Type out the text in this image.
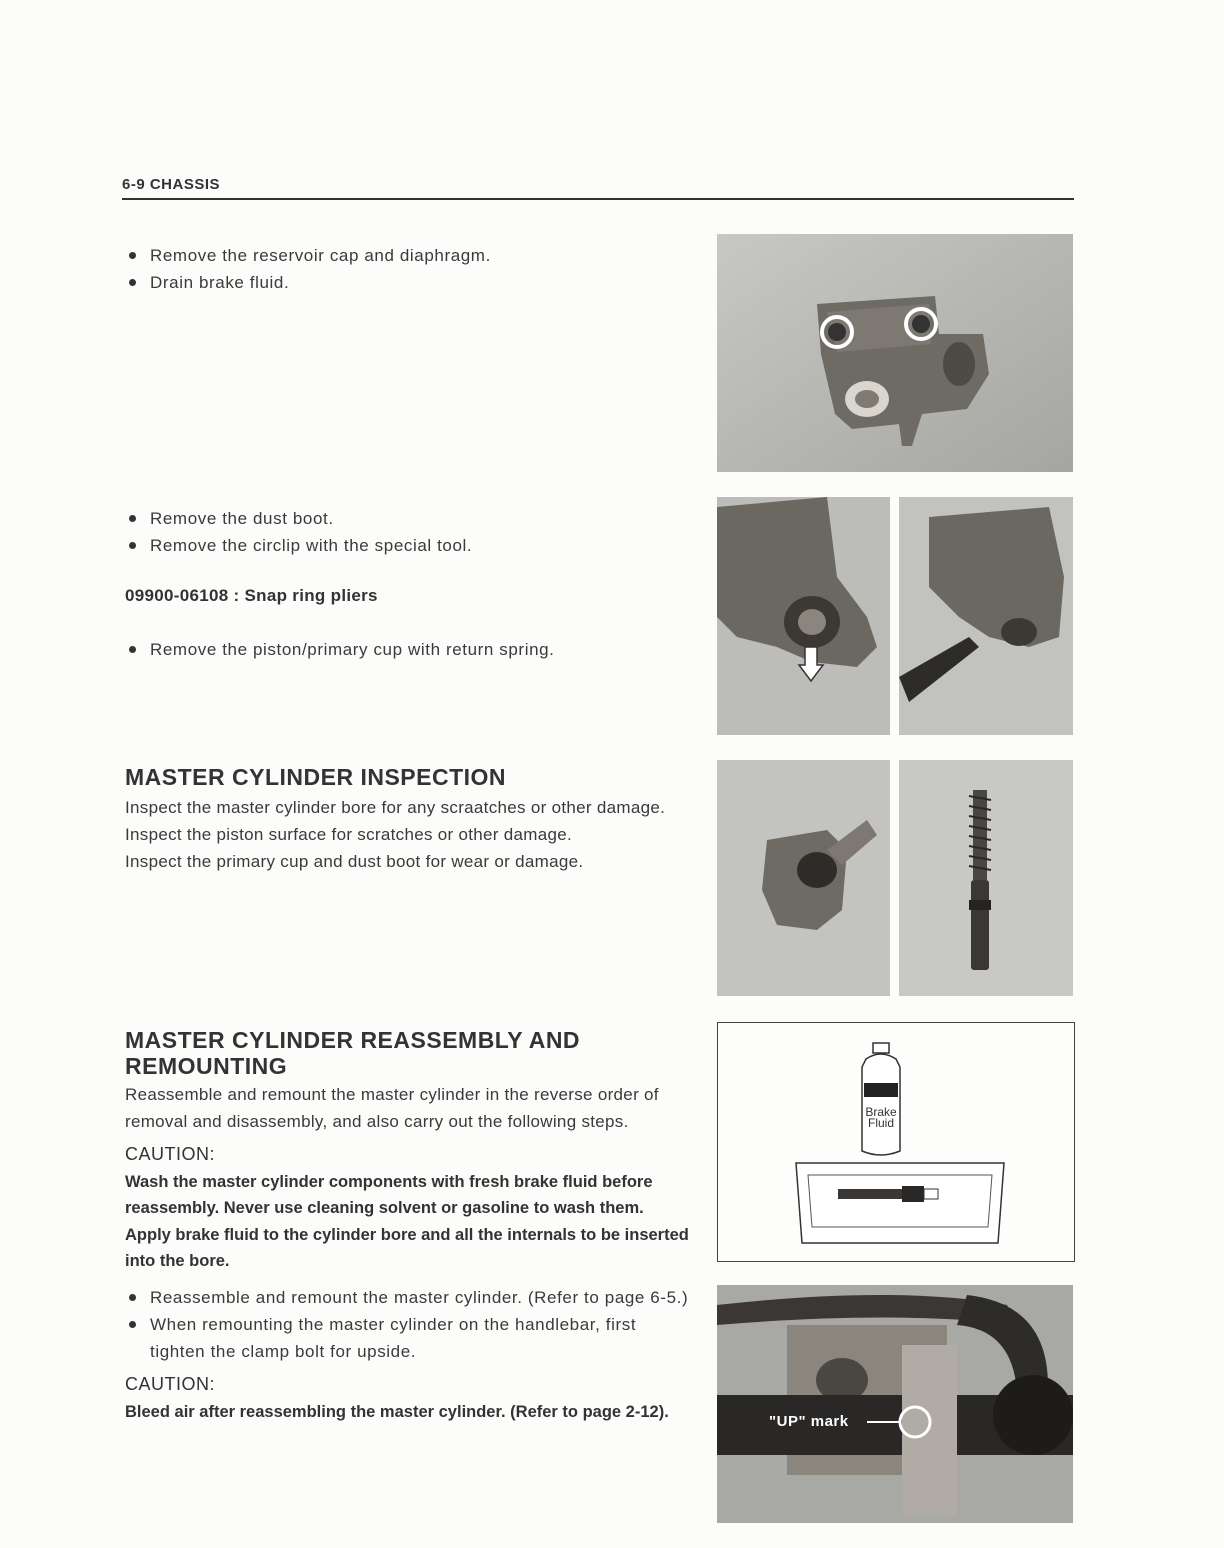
6-9 CHASSIS
Remove the reservoir cap and diaphragm.
Drain brake fluid.
Remove the dust boot.
Remove the circlip with the special tool.
09900-06108 : Snap ring pliers
Remove the piston/primary cup with return spring.
MASTER CYLINDER INSPECTION

Inspect the master cylinder bore for any scraatches or other damage.

Inspect the piston surface for scratches or other damage.

Inspect the primary cup and dust boot for wear or damage.

MASTER CYLINDER REASSEMBLY AND
REMOUNTING

Reassemble and remount the master cylinder in the reverse order of removal and disassembly, and also carry out the following steps.

CAUTION:

Wash the master cylinder components with fresh brake fluid before reassembly. Never use cleaning solvent or gasoline to wash them.

Apply brake fluid to the cylinder bore and all the internals to be inserted into the bore.

Reassemble and remount the master cylinder. (Refer to page 6-5.)
When remounting the master cylinder on the handlebar, first tighten the clamp bolt for upside.
CAUTION:

Bleed air after reassembling the master cylinder. (Refer to page 2-12).

Brake
Fluid
"UP" mark
